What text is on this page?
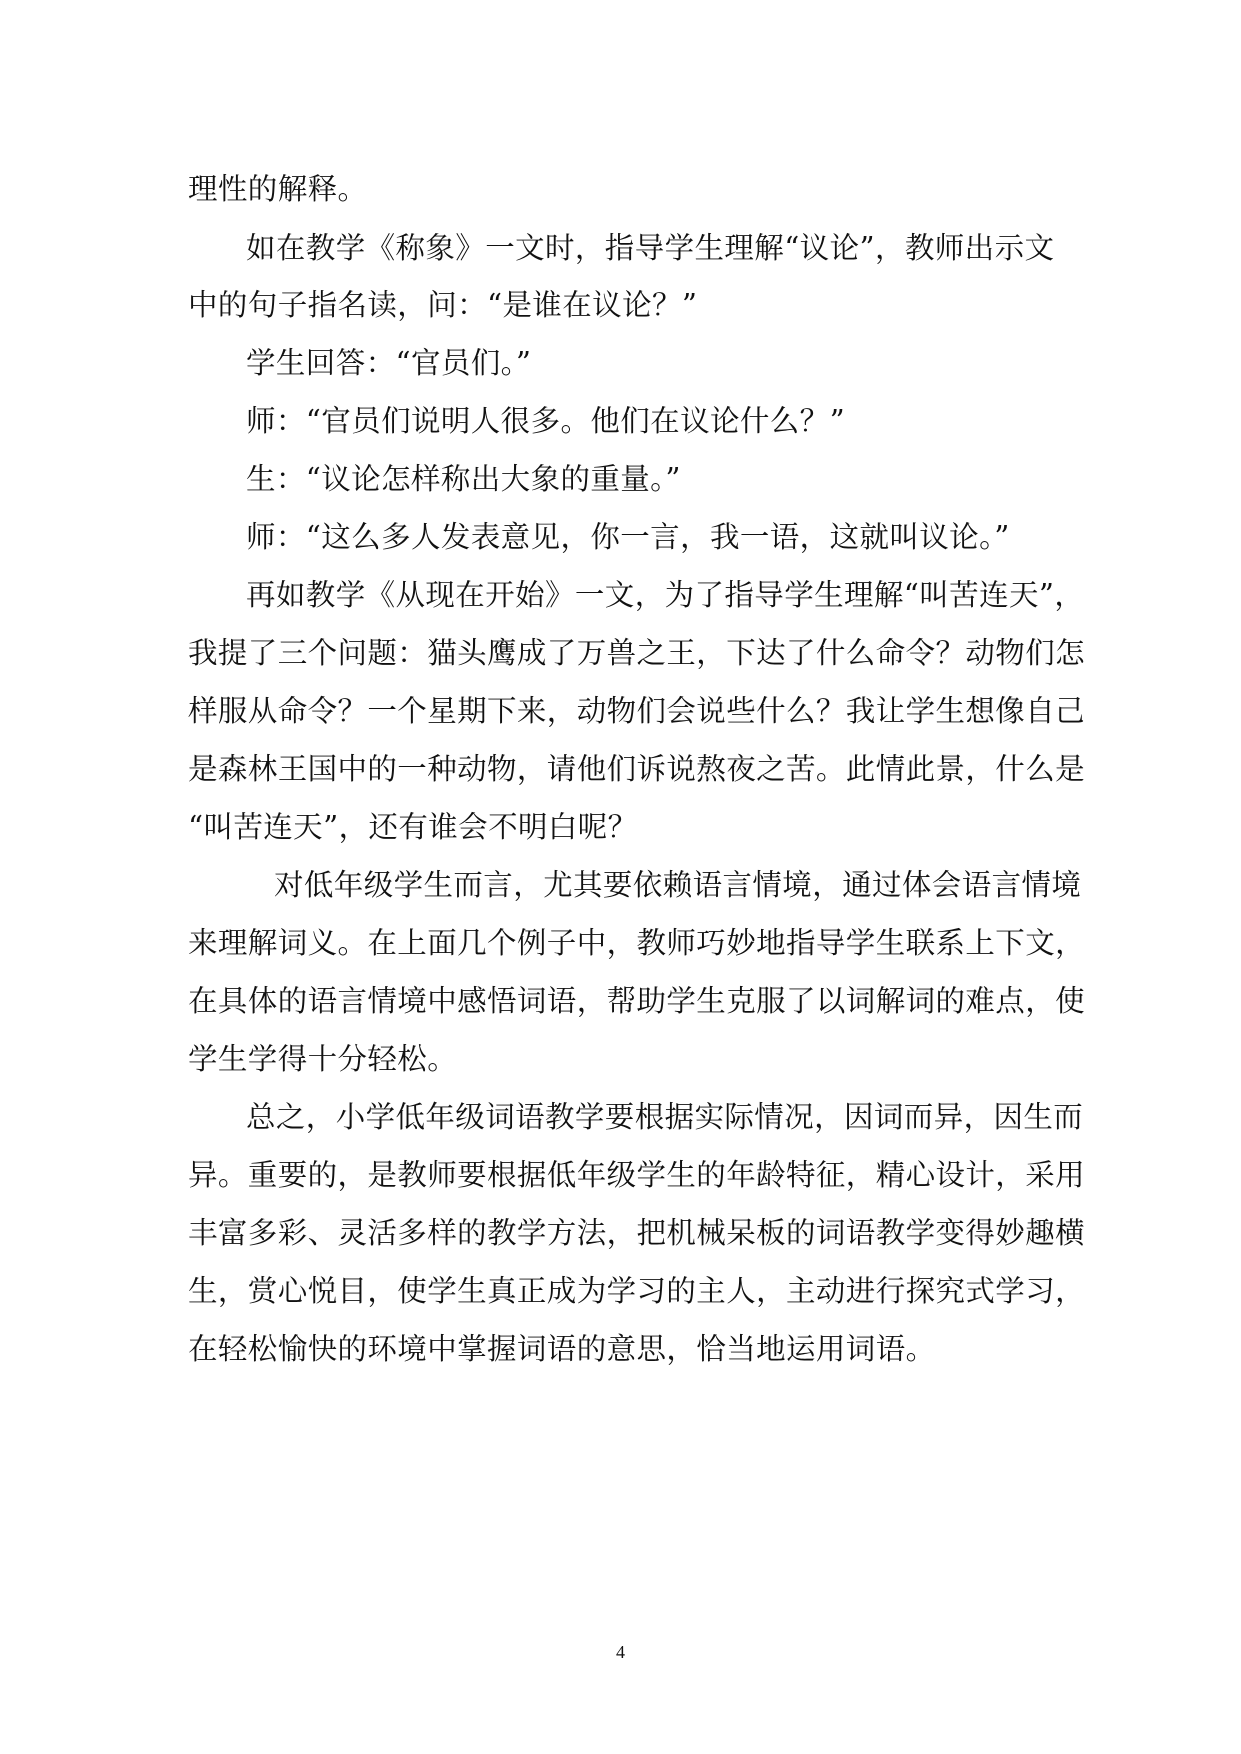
理性的解释。
如在教学《称象》一文时，指导学生理解“议论”，教师出示文
中的句子指名读，问：“是谁在议论？”
学生回答：“官员们。”
师：“官员们说明人很多。他们在议论什么？”
生：“议论怎样称出大象的重量。”
师：“这么多人发表意见，你一言，我一语，这就叫议论。”
再如教学《从现在开始》一文，为了指导学生理解“叫苦连天”，
我提了三个问题：猫头鹰成了万兽之王，下达了什么命令？动物们怎
样服从命令？一个星期下来，动物们会说些什么？我让学生想像自己
是森林王国中的一种动物，请他们诉说熬夜之苦。此情此景，什么是
“叫苦连天”，还有谁会不明白呢？
对低年级学生而言，尤其要依赖语言情境，通过体会语言情境
来理解词义。在上面几个例子中，教师巧妙地指导学生联系上下文，
在具体的语言情境中感悟词语，帮助学生克服了以词解词的难点，使
学生学得十分轻松。
总之，小学低年级词语教学要根据实际情况，因词而异，因生而
异。重要的，是教师要根据低年级学生的年龄特征，精心设计，采用
丰富多彩、灵活多样的教学方法，把机械呆板的词语教学变得妙趣横
生，赏心悦目，使学生真正成为学习的主人，主动进行探究式学习，
在轻松愉快的环境中掌握词语的意思，恰当地运用词语。
4
